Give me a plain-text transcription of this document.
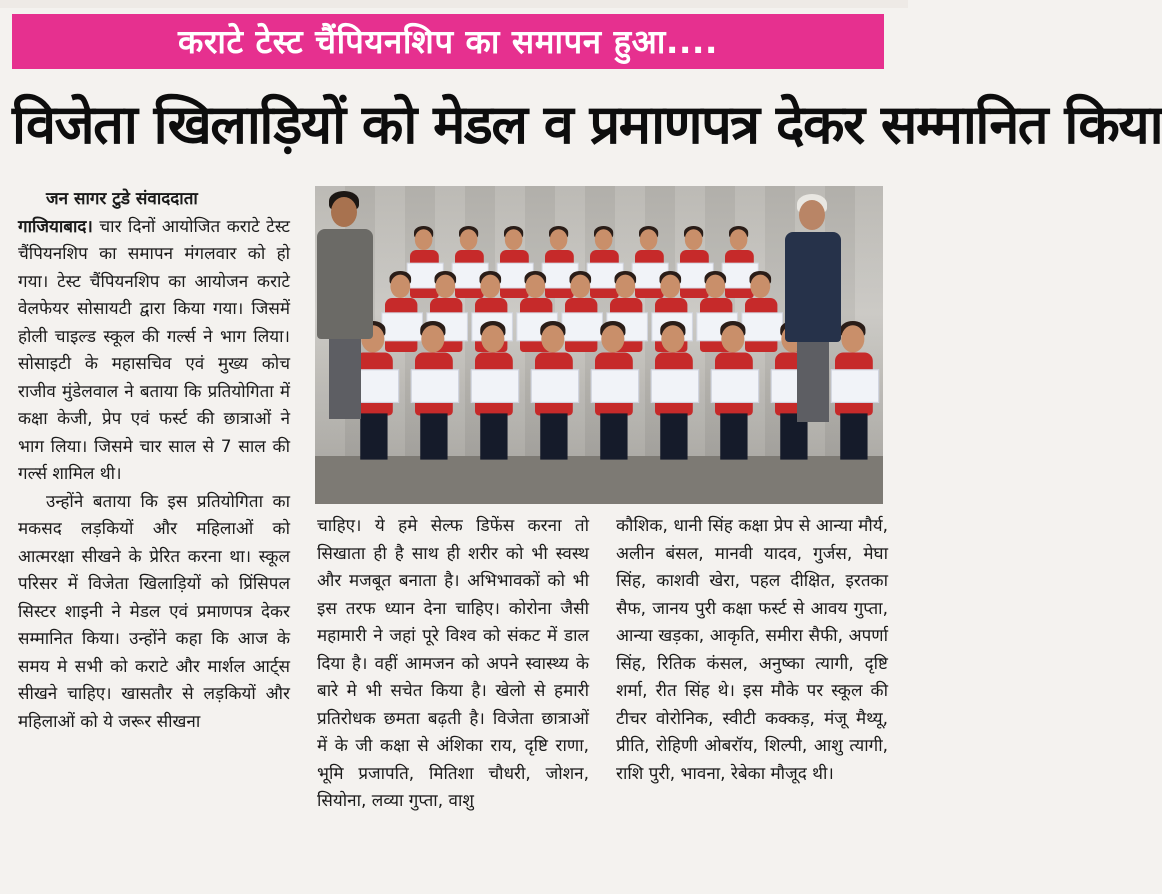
कराटे टेस्ट चैंपियनशिप का समापन हुआ....
विजेता खिलाड़ियों को मेडल व प्रमाणपत्र देकर सम्मानित किया

जन सागर टुडे संवाददाता

गाजियाबाद। चार दिनों आयोजित कराटे टेस्ट चैंपियनशिप का समापन मंगलवार को हो गया। टेस्ट चैंपियनशिप का आयोजन कराटे वेलफेयर सोसायटी द्वारा किया गया। जिसमें होली चाइल्ड स्कूल की गर्ल्स ने भाग लिया। सोसाइटी के महासचिव एवं मुख्य कोच राजीव मुंडेलवाल ने बताया कि प्रतियोगिता में कक्षा केजी, प्रेप एवं फर्स्ट की छात्राओं ने भाग लिया। जिसमे चार साल से 7 साल की गर्ल्स शामिल थी।

उन्होंने बताया कि इस प्रतियोगिता का मकसद लड़कियों और महिलाओं को आत्मरक्षा सीखने के प्रेरित करना था। स्कूल परिसर में विजेता खिलाड़ियों को प्रिंसिपल सिस्टर शाइनी ने मेडल एवं प्रमाणपत्र देकर सम्मानित किया। उन्होंने कहा कि आज के समय मे सभी को कराटे और मार्शल आर्ट्स सीखने चाहिए। खासतौर से लड़कियों और महिलाओं को ये जरूर सीखना

चाहिए। ये हमे सेल्फ डिफेंस करना तो सिखाता ही है साथ ही शरीर को भी स्वस्थ और मजबूत बनाता है। अभिभावकों को भी इस तरफ ध्यान देना चाहिए। कोरोना जैसी महामारी ने जहां पूरे विश्व को संकट में डाल दिया है। वहीं आमजन को अपने स्वास्थ्य के बारे मे भी सचेत किया है। खेलो से हमारी प्रतिरोधक छमता बढ़ती है। विजेता छात्राओं में के जी कक्षा से अंशिका राय, दृष्टि राणा, भूमि प्रजापति, मितिशा चौधरी, जोशन, सियोना, लव्या गुप्ता, वाशु

कौशिक, धानी सिंह कक्षा प्रेप से आन्या मौर्य, अलीन बंसल, मानवी यादव, गुर्जस, मेघा सिंह, काशवी खेरा, पहल दीक्षित, इरतका सैफ, जानय पुरी कक्षा फर्स्ट से आवय गुप्ता, आन्या खड़का, आकृति, समीरा सैफी, अपर्णा सिंह, रितिक कंसल, अनुष्का त्यागी, दृष्टि शर्मा, रीत सिंह थे। इस मौके पर स्कूल की टीचर वोरोनिक, स्वीटी कक्कड़, मंजू मैथ्यू, प्रीति, रोहिणी ओबरॉय, शिल्पी, आशु त्यागी, राशि पुरी, भावना, रेबेका मौजूद थी।
